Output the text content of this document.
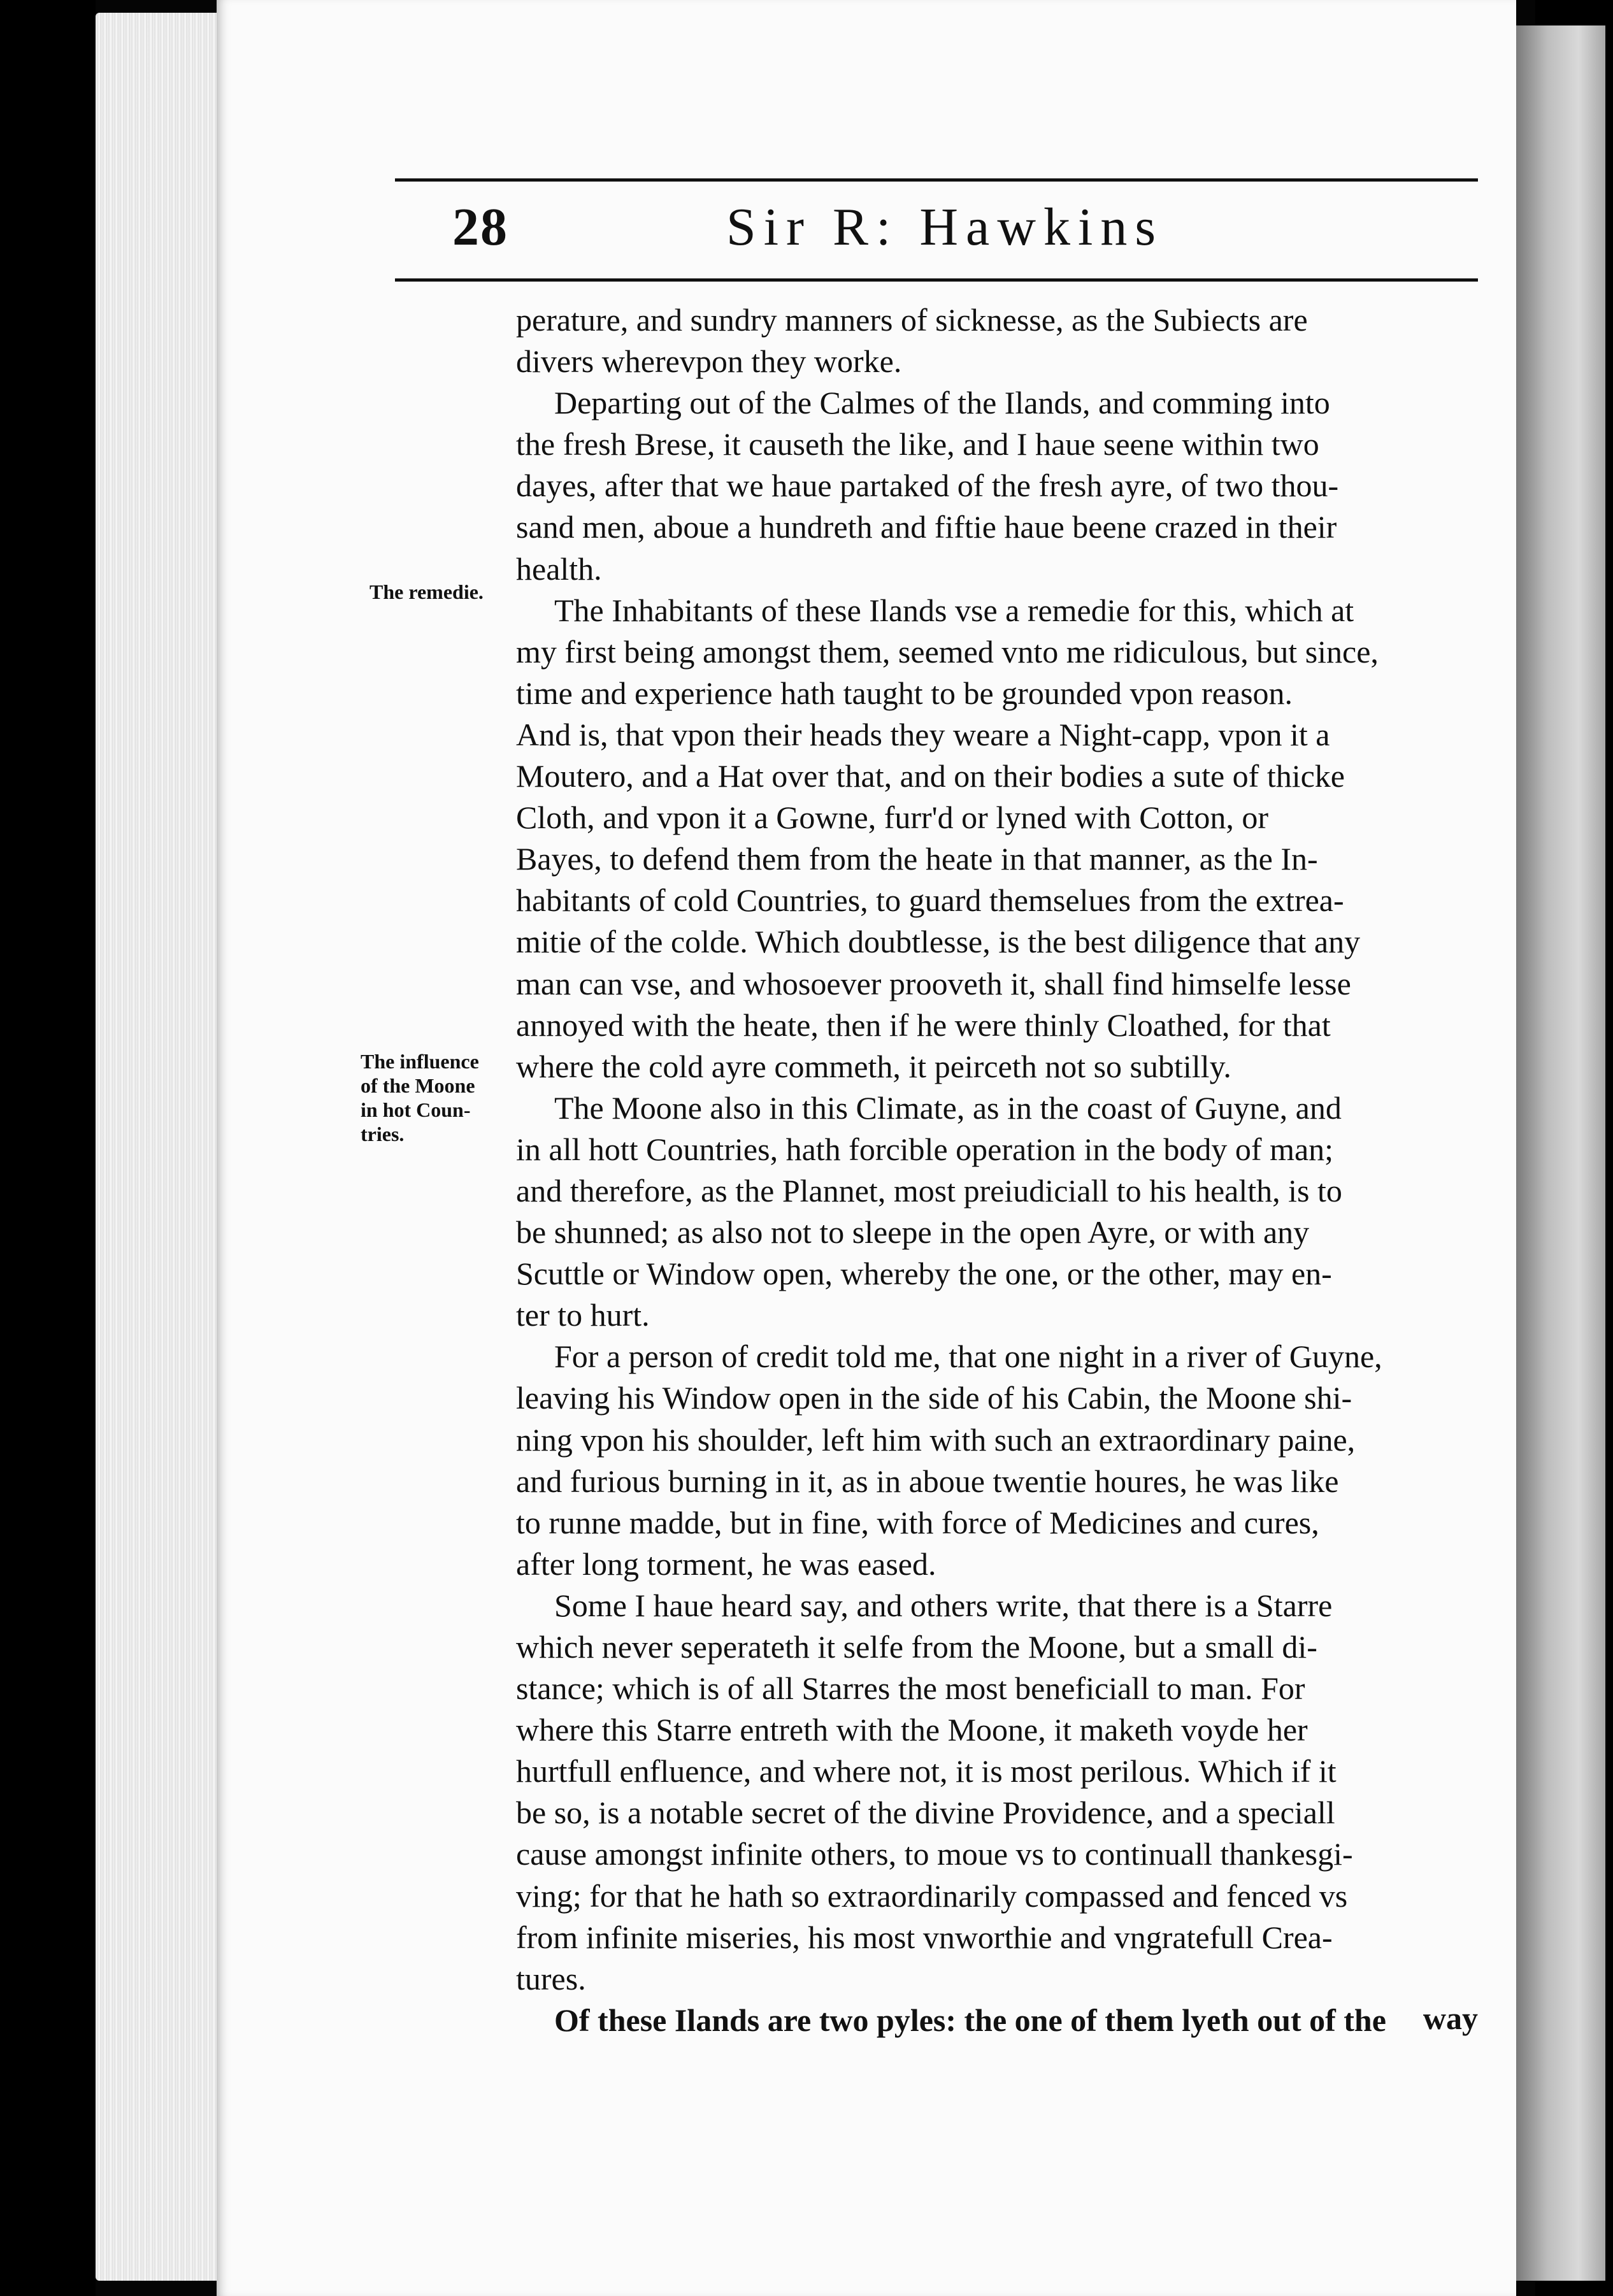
28	Sir R: Hawkins
The remedie.
The influence
of the Moone
in hot Coun-
tries.

perature, and sundry manners of sicknesse, as the Subiects are
divers wherevpon they worke.

Departing out of the Calmes of the Ilands, and comming into
the fresh Brese, it causeth the like, and I haue seene within two
dayes, after that we haue partaked of the fresh ayre, of two thou-
sand men, aboue a hundreth and fiftie haue beene crazed in their
health.

The Inhabitants of these Ilands vse a remedie for this, which at
my first being amongst them, seemed vnto me ridiculous, but since,
time and experience hath taught to be grounded vpon reason.
And is, that vpon their heads they weare a Night-capp, vpon it a
Moutero, and a Hat over that, and on their bodies a sute of thicke
Cloth, and vpon it a Gowne, furr'd or lyned with Cotton, or
Bayes, to defend them from the heate in that manner, as the In-
habitants of cold Countries, to guard themselues from the extrea-
mitie of the colde. Which doubtlesse, is the best diligence that any
man can vse, and whosoever prooveth it, shall find himselfe lesse
annoyed with the heate, then if he were thinly Cloathed, for that
where the cold ayre commeth, it peirceth not so subtilly.

The Moone also in this Climate, as in the coast of Guyne, and
in all hott Countries, hath forcible operation in the body of man;
and therefore, as the Plannet, most preiudiciall to his health, is to
be shunned; as also not to sleepe in the open Ayre, or with any
Scuttle or Window open, whereby the one, or the other, may en-
ter to hurt.

For a person of credit told me, that one night in a river of Guyne,
leaving his Window open in the side of his Cabin, the Moone shi-
ning vpon his shoulder, left him with such an extraordinary paine,
and furious burning in it, as in aboue twentie houres, he was like
to runne madde, but in fine, with force of Medicines and cures,
after long torment, he was eased.

Some I haue heard say, and others write, that there is a Starre
which never seperateth it selfe from the Moone, but a small di-
stance; which is of all Starres the most beneficiall to man. For
where this Starre entreth with the Moone, it maketh voyde her
hurtfull enfluence, and where not, it is most perilous. Which if it
be so, is a notable secret of the divine Providence, and a speciall
cause amongst infinite others, to moue vs to continuall thankesgi-
ving; for that he hath so extraordinarily compassed and fenced vs
from infinite miseries, his most vnworthie and vngratefull Crea-
tures.

Of these Ilands are two pyles: the one of them lyeth out of the	way
